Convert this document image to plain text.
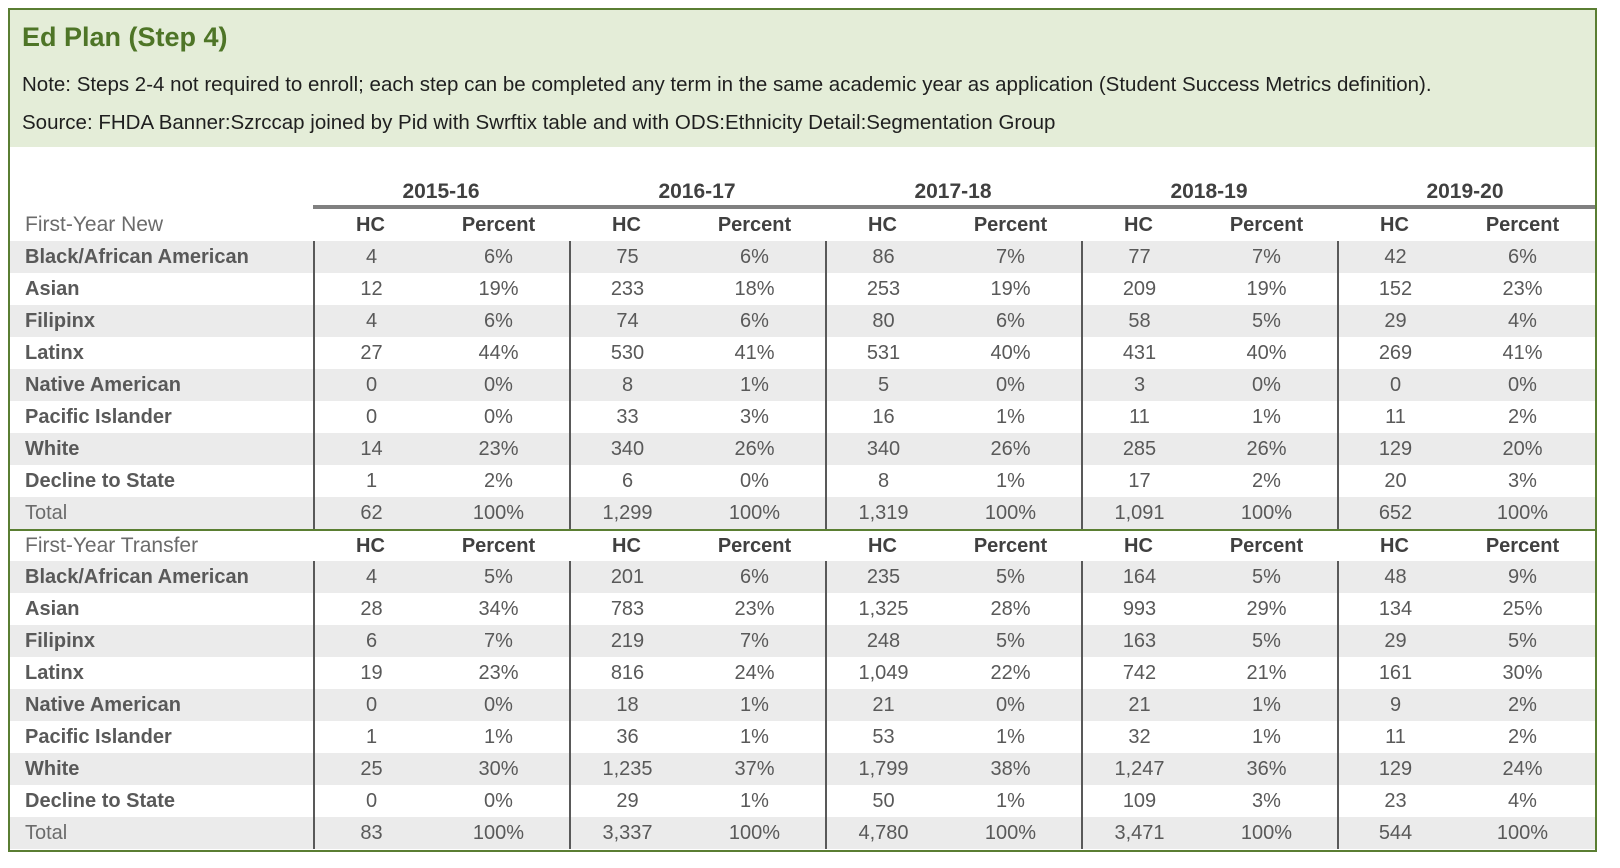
Ed Plan (Step 4)
Note: Steps 2-4 not required to enroll; each step can be completed any term in the same academic year as application (Student Success Metrics definition).
Source: FHDA Banner:Szrccap joined by Pid with Swrftix table and with ODS:Ethnicity Detail:Segmentation Group
2015-16	2016-17	2017-18	2018-19	2019-20
First-Year New	HC	Percent	HC	Percent	HC	Percent	HC	Percent	HC	Percent
Black/African American	4	6%	75	6%	86	7%	77	7%	42	6%
Asian	12	19%	233	18%	253	19%	209	19%	152	23%
Filipinx	4	6%	74	6%	80	6%	58	5%	29	4%
Latinx	27	44%	530	41%	531	40%	431	40%	269	41%
Native American	0	0%	8	1%	5	0%	3	0%	0	0%
Pacific Islander	0	0%	33	3%	16	1%	11	1%	11	2%
White	14	23%	340	26%	340	26%	285	26%	129	20%
Decline to State	1	2%	6	0%	8	1%	17	2%	20	3%
Total	62	100%	1,299	100%	1,319	100%	1,091	100%	652	100%
First-Year Transfer	HC	Percent	HC	Percent	HC	Percent	HC	Percent	HC	Percent
Black/African American	4	5%	201	6%	235	5%	164	5%	48	9%
Asian	28	34%	783	23%	1,325	28%	993	29%	134	25%
Filipinx	6	7%	219	7%	248	5%	163	5%	29	5%
Latinx	19	23%	816	24%	1,049	22%	742	21%	161	30%
Native American	0	0%	18	1%	21	0%	21	1%	9	2%
Pacific Islander	1	1%	36	1%	53	1%	32	1%	11	2%
White	25	30%	1,235	37%	1,799	38%	1,247	36%	129	24%
Decline to State	0	0%	29	1%	50	1%	109	3%	23	4%
Total	83	100%	3,337	100%	4,780	100%	3,471	100%	544	100%
